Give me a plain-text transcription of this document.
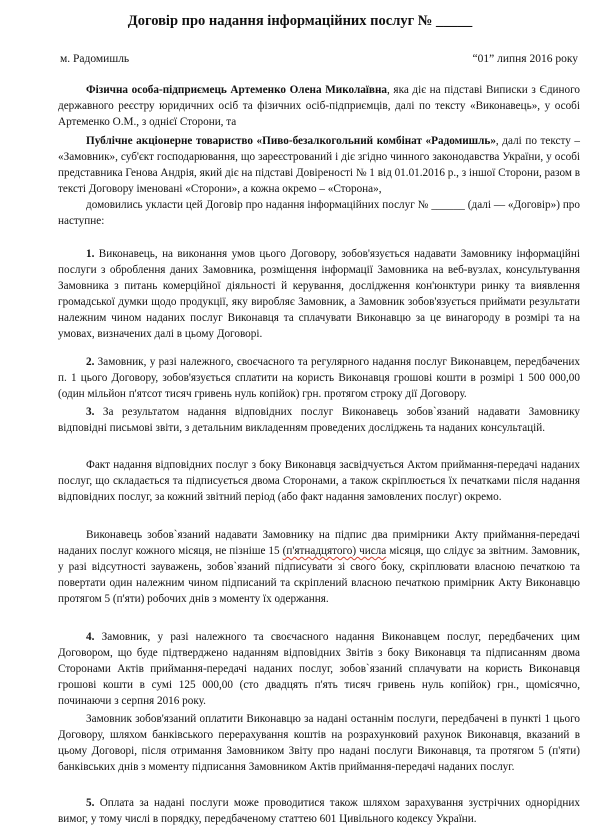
Договір про надання інформаційних послуг № _____
м. Радомишль	“01” липня 2016 року
Фізична особа-підприємець Артеменко Олена Миколаївна, яка діє на підставі Виписки з Єдиного державного реєстру юридичних осіб та фізичних осіб-підприємців, далі по тексту «Виконавець», у особі Артеменко О.М., з однієї Сторони, та
Публічне акціонерне товариство «Пиво-безалкогольний комбінат «Радомишль», далі по тексту – «Замовник», суб'єкт господарювання, що зареєстрований і діє згідно чинного законодавства України, у особі представника Генова Андрія, який діє на підставі Довіреності № 1 від 01.01.2016 р., з іншої Сторони, разом в тексті Договору іменовані «Сторони», а кожна окремо – «Сторона»,
домовились укласти цей Договір про надання інформаційних послуг № ______ (далі — «Договір») про наступне:
1. Виконавець, на виконання умов цього Договору, зобов'язується надавати Замовнику інформаційні послуги з оброблення даних Замовника, розміщення інформації Замовника на веб-вузлах, консультування Замовника з питань комерційної діяльності й керування, дослідження кон'юнктури ринку та виявлення громадської думки щодо продукції, яку виробляє Замовник, а Замовник зобов'язується приймати результати належним чином наданих послуг Виконавця та сплачувати Виконавцю за це винагороду в розмірі та на умовах, визначених далі в цьому Договорі.
2. Замовник, у разі належного, своєчасного та регулярного надання послуг Виконавцем, передбачених п. 1 цього Договору, зобов'язується сплатити на користь Виконавця грошові кошти в розмірі 1 500 000,00 (один мільйон п'ятсот тисяч гривень нуль копійок) грн. протягом строку дії Договору.
3. За результатом надання відповідних послуг Виконавець зобов`язаний надавати Замовнику відповідні письмові звіти, з детальним викладенням проведених досліджень та наданих консультацій.
Факт надання відповідних послуг з боку Виконавця засвідчується Актом приймання-передачі наданих послуг, що складається та підписується двома Сторонами, а також скріплюється їх печатками після надання відповідних послуг, за кожний звітний період (або факт надання замовлених послуг) окремо.
Виконавець зобов`язаний надавати Замовнику на підпис два примірники Акту приймання-передачі наданих послуг кожного місяця, не пізніше 15 (п'ятнадцятого) числа місяця, що слідує за звітним. Замовник, у разі відсутності зауважень, зобов`язаний підписувати зі свого боку, скріплювати власною печаткою та повертати один належним чином підписаний та скріплений власною печаткою примірник Акту Виконавцю протягом 5 (п'яти) робочих днів з моменту їх одержання.
4. Замовник, у разі належного та своєчасного надання Виконавцем послуг, передбачених цим Договором, що буде підтверджено наданням відповідних Звітів з боку Виконавця та підписанням двома Сторонами Актів приймання-передачі наданих послуг, зобов`язаний сплачувати на користь Виконавця грошові кошти в сумі 125 000,00 (сто двадцять п'ять тисяч гривень нуль копійок) грн., щомісячно, починаючи з серпня 2016 року.
Замовник зобов'язаний оплатити Виконавцю за надані останнім послуги, передбачені в пункті 1 цього Договору, шляхом банківського перерахування коштів на розрахунковий рахунок Виконавця, вказаний в цьому Договорі, після отримання Замовником Звіту про надані послуги Виконавця, та протягом 5 (п'яти) банківських днів з моменту підписання Замовником Актів приймання-передачі наданих послуг.
5. Оплата за надані послуги може проводитися також шляхом зарахування зустрічних однорідних вимог, у тому числі в порядку, передбаченому статтею 601 Цивільного кодексу України.
